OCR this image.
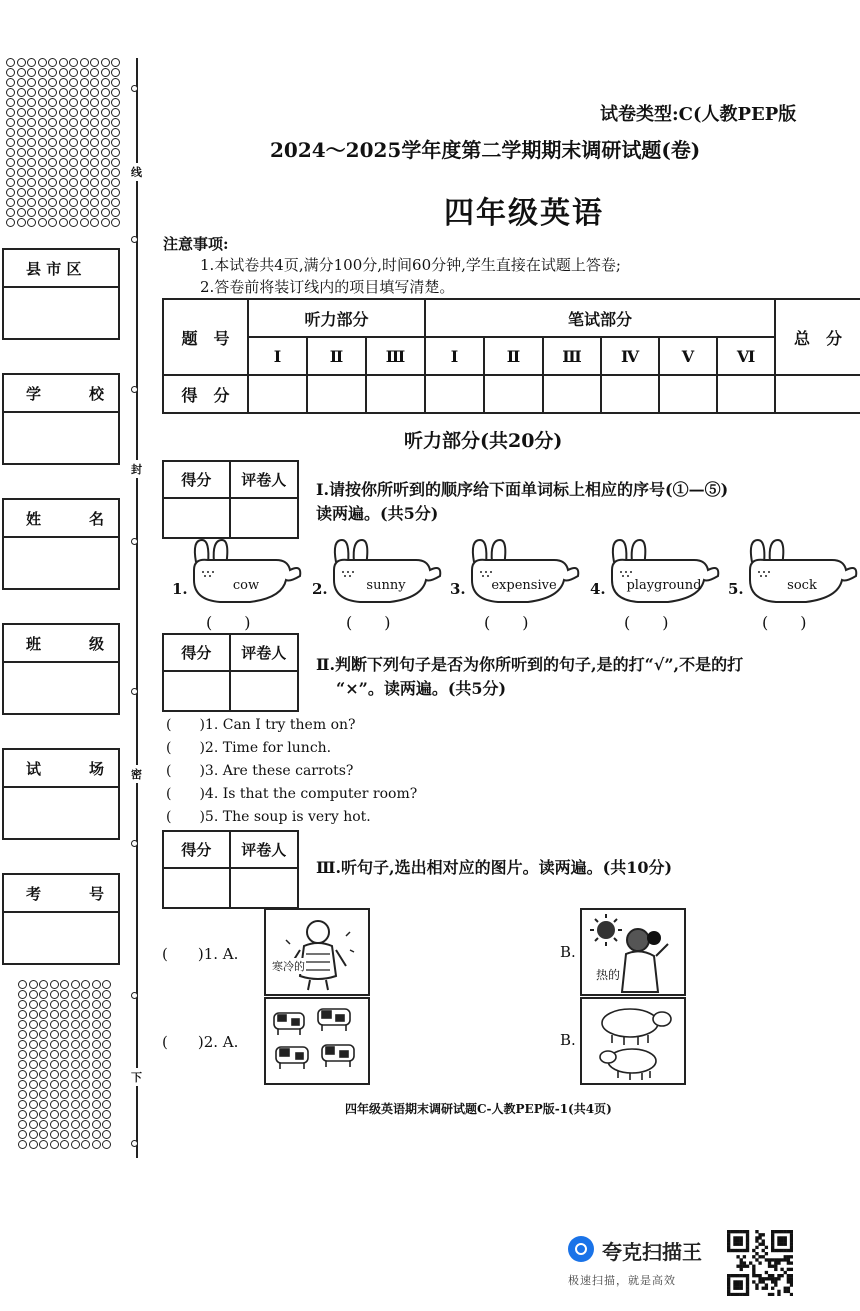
线
封
密
下
县 市 区
学	校
姓	名
班	级
试	场
考	号
试卷类型:C(人教PEP版
2024～2025学年度第二学期期末调研试题(卷)
四年级英语
注意事项:
1.本试卷共4页,满分100分,时间60分钟,学生直接在试题上答卷;
2.答卷前将装订线内的项目填写清楚。
题　号	听力部分			笔试部分						总　分
	Ⅰ	Ⅱ	Ⅲ	Ⅰ	Ⅱ	Ⅲ	Ⅳ	Ⅴ	Ⅵ	
得　分										
听力部分(共20分)
得分	评卷人	Ⅰ.请按你所听到的顺序给下面单词标上相应的序号(①—⑤)
读两遍。(共5分)
1.	cow
(　　)
2.	sunny
(　　)
3.	expensive
(　　)
4.	playground
(　　)
5.	sock
(　　)
得分	评卷人
Ⅱ.判断下列句子是否为你所听到的句子,是的打“√”,不是的打
“×”。读两遍。(共5分)
(　　)1. Can I try them on?
(　　)2. Time for lunch.
(　　)3. Are these carrots?
(　　)4. Is that the computer room?
(　　)5. The soup is very hot.
得分	评卷人
Ⅲ.听句子,选出相对应的图片。读两遍。(共10分)
(　　)1. A.
(　　)2. A.
B.
B.
寒冷的
热的
四年级英语期末调研试题C-人教PEP版-1(共4页)
夸克扫描王
极速扫描，就是高效
